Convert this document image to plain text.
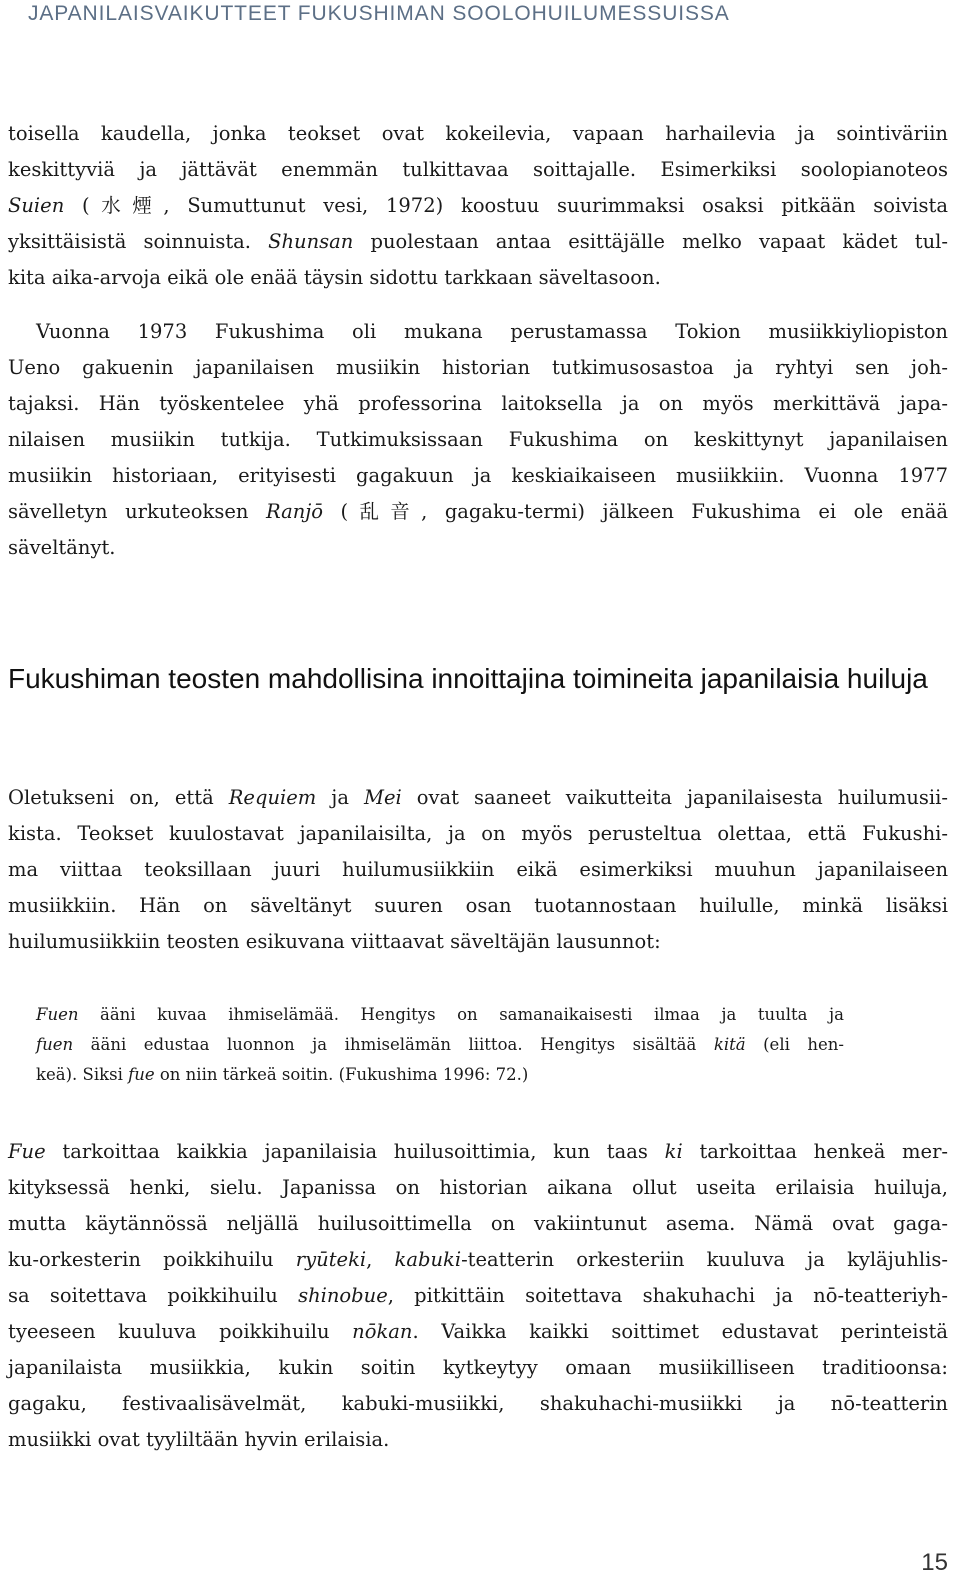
JAPANILAISVAIKUTTEET FUKUSHIMAN SOOLOHUILUMESSUISSA

toisella kaudella, jonka teokset ovat kokeilevia, vapaan harhailevia ja sointiväriin
keskittyviä ja jättävät enemmän tulkittavaa soittajalle. Esimerkiksi soolopianoteos
Suien (水煙, Sumuttunut vesi, 1972) koostuu suurimmaksi osaksi pitkään soivista
yksittäisistä soinnuista. Shunsan puolestaan antaa esittäjälle melko vapaat kädet tul-
kita aika-arvoja eikä ole enää täysin sidottu tarkkaan säveltasoon.

Vuonna 1973 Fukushima oli mukana perustamassa Tokion musiikkiyliopiston
Ueno gakuenin japanilaisen musiikin historian tutkimusosastoa ja ryhtyi sen joh-
tajaksi. Hän työskentelee yhä professorina laitoksella ja on myös merkittävä japa-
nilaisen musiikin tutkija. Tutkimuksissaan Fukushima on keskittynyt japanilaisen
musiikin historiaan, erityisesti gagakuun ja keskiaikaiseen musiikkiin. Vuonna 1977
sävelletyn urkuteoksen Ranjō (乱音, gagaku-termi) jälkeen Fukushima ei ole enää
säveltänyt.

Fukushiman teosten mahdollisina innoittajina toimineita japanilaisia huiluja

Oletukseni on, että Requiem ja Mei ovat saaneet vaikutteita japanilaisesta huilumusii-
kista. Teokset kuulostavat japanilaisilta, ja on myös perusteltua olettaa, että Fukushi-
ma viittaa teoksillaan juuri huilumusiikkiin eikä esimerkiksi muuhun japanilaiseen
musiikkiin. Hän on säveltänyt suuren osan tuotannostaan huilulle, minkä lisäksi
huilumusiikkiin teosten esikuvana viittaavat säveltäjän lausunnot:

Fuen ääni kuvaa ihmiselämää. Hengitys on samanaikaisesti ilmaa ja tuulta ja
fuen ääni edustaa luonnon ja ihmiselämän liittoa. Hengitys sisältää kitä (eli hen-
keä). Siksi fue on niin tärkeä soitin. (Fukushima 1996: 72.)

Fue tarkoittaa kaikkia japanilaisia huilusoittimia, kun taas ki tarkoittaa henkeä mer-
kityksessä henki, sielu. Japanissa on historian aikana ollut useita erilaisia huiluja,
mutta käytännössä neljällä huilusoittimella on vakiintunut asema. Nämä ovat gaga-
ku-orkesterin poikkihuilu ryūteki, kabuki-teatterin orkesteriin kuuluva ja kyläjuhlis-
sa soitettava poikkihuilu shinobue, pitkittäin soitettava shakuhachi ja nō-teatteriyh-
tyeeseen kuuluva poikkihuilu nōkan. Vaikka kaikki soittimet edustavat perinteistä
japanilaista musiikkia, kukin soitin kytkeytyy omaan musiikilliseen traditioonsa:
gagaku, festivaalisävelmät, kabuki-musiikki, shakuhachi-musiikki ja nō-teatterin
musiikki ovat tyyliltään hyvin erilaisia.

15
